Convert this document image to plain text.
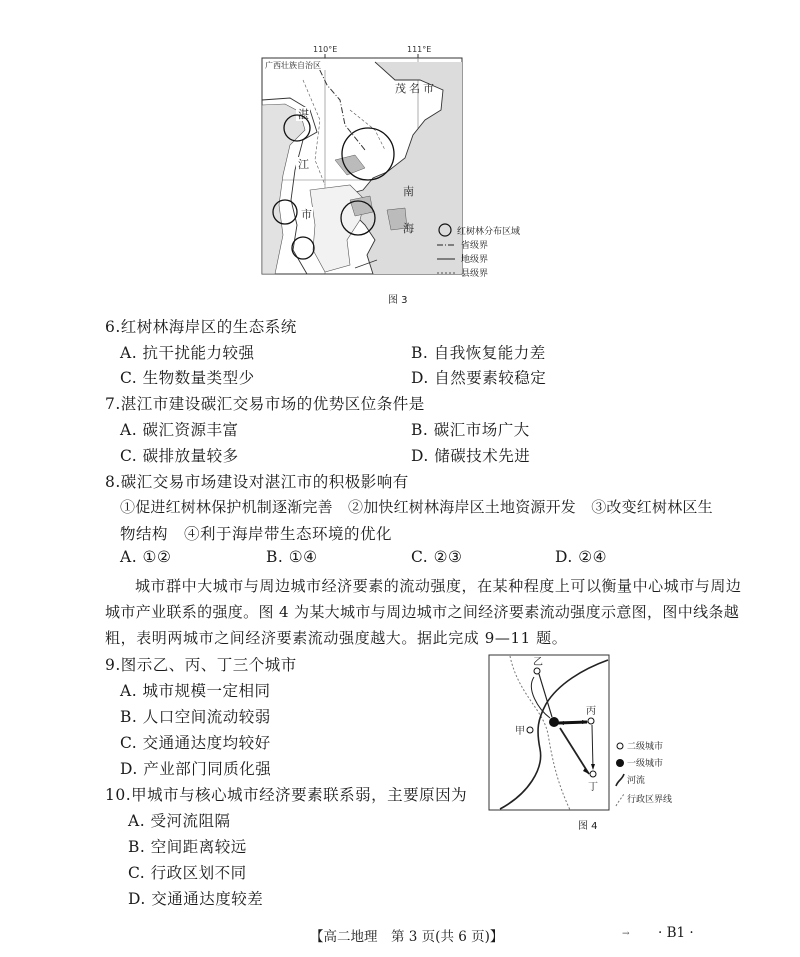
110°E	111°E
广西壮族自治区
茂名市
湛
江
市
南
海	红树林分布区域
省级界
地级界
县级界
图 3
6.红树林海岸区的生态系统
A. 抗干扰能力较强	B. 自我恢复能力差
C. 生物数量类型少	D. 自然要素较稳定
7.湛江市建设碳汇交易市场的优势区位条件是
A. 碳汇资源丰富	B. 碳汇市场广大
C. 碳排放量较多	D. 储碳技术先进
8.碳汇交易市场建设对湛江市的积极影响有
①促进红树林保护机制逐渐完善　②加快红树林海岸区土地资源开发　③改变红树林区生
物结构　④利于海岸带生态环境的优化
A. ①②	B. ①④	C. ②③	D. ②④
城市群中大城市与周边城市经济要素的流动强度，在某种程度上可以衡量中心城市与周边
城市产业联系的强度。图 4 为某大城市与周边城市之间经济要素流动强度示意图，图中线条越
粗，表明两城市之间经济要素流动强度越大。据此完成 9—11 题。
9.图示乙、丙、丁三个城市
A. 城市规模一定相同
B. 人口空间流动较弱
C. 交通通达度均较好
D. 产业部门同质化强
10.甲城市与核心城市经济要素联系弱，主要原因为
A. 受河流阻隔
B. 空间距离较远
C. 行政区划不同
D. 交通通达度较差
乙
丙
甲
丁
二级城市
一级城市
河流
行政区界线
图 4
【高二地理　第 3 页(共 6 页)】	→ · B1 ·
